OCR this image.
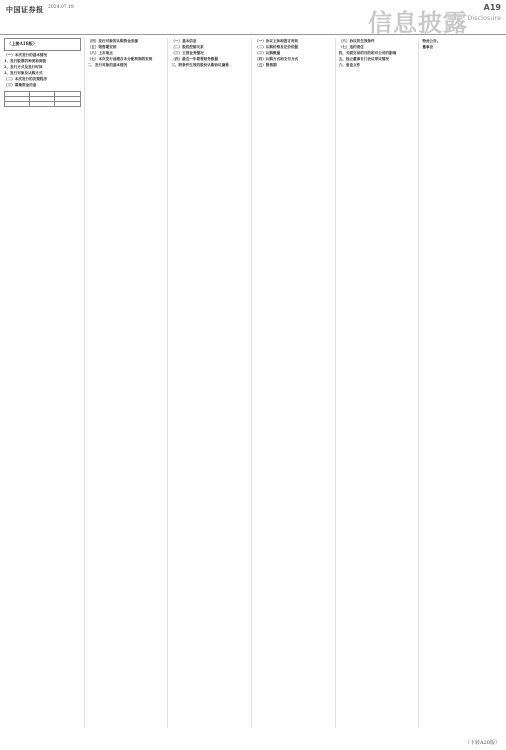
中国证券报 2024.07.19
信息披露
A19
Disclosure
（上接A18版）

（一）本次发行的基本情况

1、发行股票的种类和面值

2、发行方式及发行时间

3、发行对象及认购方式

（二）本次发行的决策程序

（三）募集资金用途

（四）发行对象的认购资金来源

（五）限售期安排

（六）上市地点

（七）本次发行前滚存未分配利润的安排

二、发行对象的基本情况

（一）基本信息

（二）股权控制关系

（三）主营业务情况

（四）最近一年简要财务数据

三、附条件生效的股份认购协议摘要

（一）协议主体和签订时间

（二）认购价格及定价依据

（三）认购数量

（四）认购方式和支付方式

（五）限售期

（六）协议的生效条件

（七）违约责任

四、关联交易的目的和对公司的影响

五、独立董事专门会议审议情况

六、备查文件

特此公告。

董事会

（下转A20版）
